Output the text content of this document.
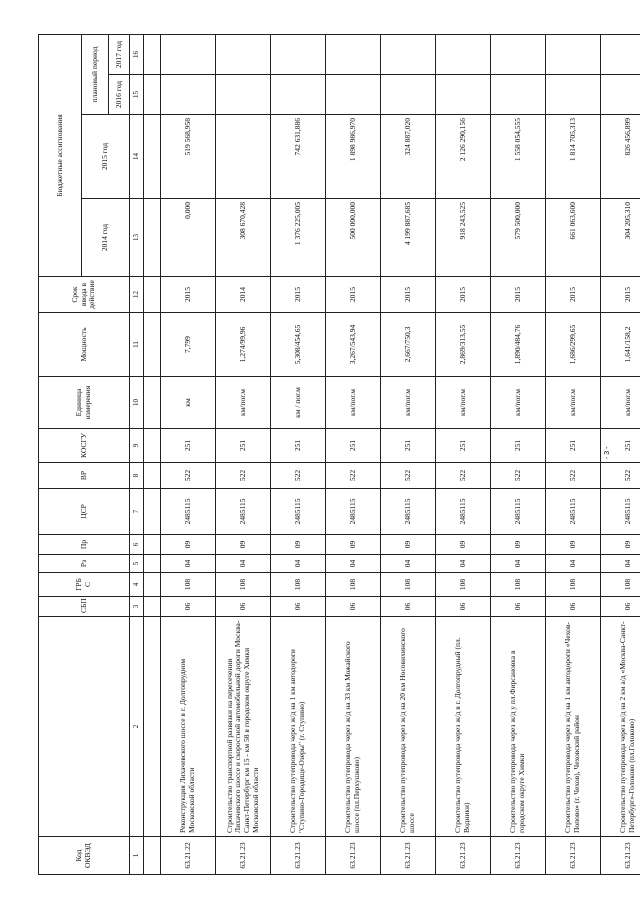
Код ОКВЭД		СБП	ГРБ С	Рз	Пр	ЦСР	ВР	КОСГУ	Единица измерения	Мощность	Срок ввода в действие	Бюджетные ассигнования			
												2014 год	2015 год	плановый период	
														2016 год	2017 год
1	2	3	4	5	6	7	8	9	10	11	12	13	14	15	16

63.21.22	Реконструкция Лихачевского шоссе в г. Долгопрудном Московской области	06	108	04	09	2485115	522	251	км	7,799	2015	0,000	519 568,958		
63.21.23	Строительство транспортной развязки на пересечении Лихачевского шоссе и скоростной автомобильной дороги Москва-Санкт-Петербург км 15 - км 58 в городском округе Химки Московской области	06	108	04	09	2485115	522	251	км/пог.м	1,274/99,96	2014	308 670,428			
63.21.23	Строительство путепровода через ж/д на 1 км автодороги "Ступино-Городище-Озеры" (г. Ступино)	06	108	04	09	2485115	522	251	км / пог.м	5,308/454,65	2015	1 376 225,005	742 631,886		
63.21.23	Строительство путепровода через ж/д на 33 км Можайского шоссе (пл.Перхушково)	06	108	04	09	2485115	522	251	км/пог.м	3,267/543,94	2015	500 000,000	1 898 986,970		
63.21.23	Строительство путепровода через ж/д на 20 км Носовихинского шоссе	06	108	04	09	2485115	522	251	км/пог.м	2,667/750,3	2015	4 199 887,685	324 887,020		
63.21.23	Строительство путепровода через ж/д в г. Долгопрудный (пл. Водники)	06	108	04	09	2485115	522	251	км/пог.м	2,869/313,55	2015	918 243,525	2 126 290,156		
63.21.23	Строительство путепровода через ж/д у пл.Фирсановка в городском округе Химки	06	108	04	09	2485115	522	251	км/пог.м	1,890/484,76	2015	579 500,000	1 558 054,555		
63.21.23	Строительство путепровода через ж/д на 1 км автодороги «Чехов-Попово» (г. Чехов), Чеховский район	06	108	04	09	2485115	522	251	км/пог.м	1,686/299,65	2015	661 063,600	1 814 705,313		
63.21.23	Строительство путепровода через ж/д на 2 км а/д «Москва-Санкт-Петербург»-Голоково (пл.Голоково)	06	108	04	09	2485115	522	251	км/пог.м	1,641/158,2	2015	304 205,310	826 456,899		
- 3 -
